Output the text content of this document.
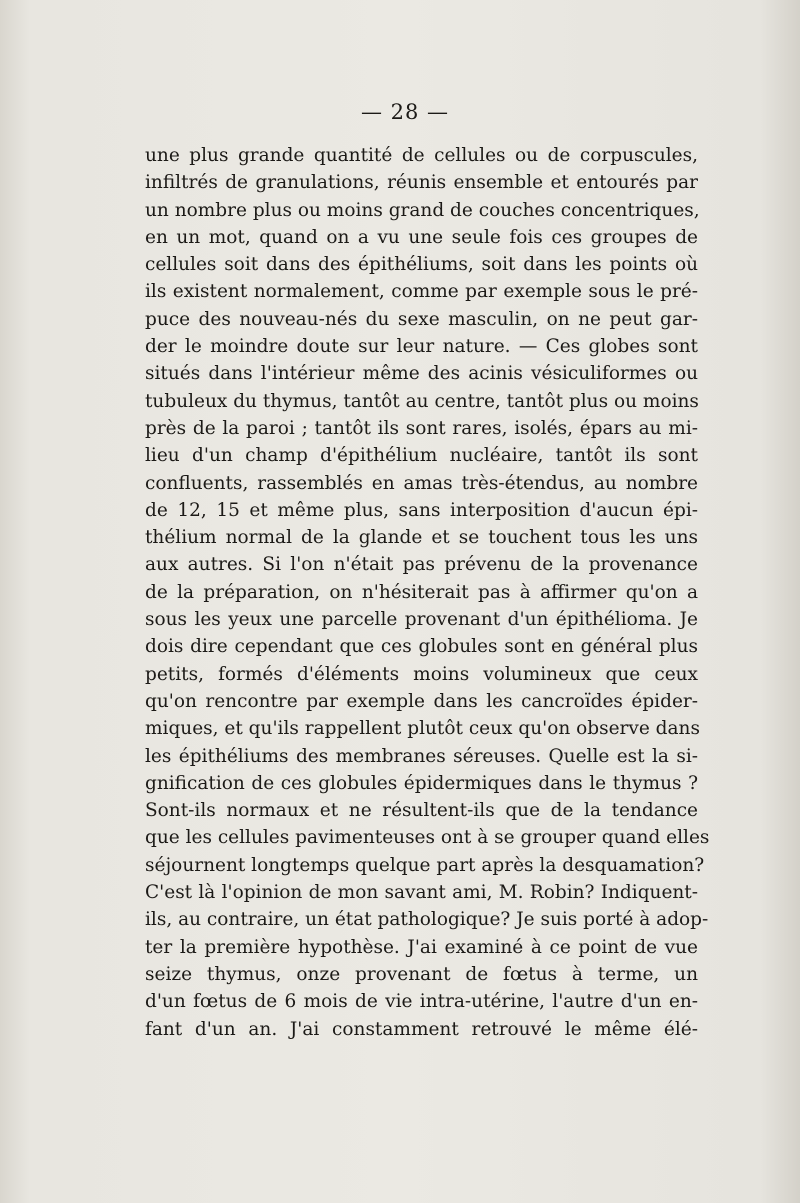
— 28 —
une plus grande quantité de cellules ou de corpuscules,
infiltrés de granulations, réunis ensemble et entourés par
un nombre plus ou moins grand de couches concentriques,
en un mot, quand on a vu une seule fois ces groupes de
cellules soit dans des épithéliums, soit dans les points où
ils existent normalement, comme par exemple sous le pré-
puce des nouveau-nés du sexe masculin, on ne peut gar-
der le moindre doute sur leur nature. — Ces globes sont
situés dans l'intérieur même des acinis vésiculiformes ou
tubuleux du thymus, tantôt au centre, tantôt plus ou moins
près de la paroi ; tantôt ils sont rares, isolés, épars au mi-
lieu d'un champ d'épithélium nucléaire, tantôt ils sont
confluents, rassemblés en amas très-étendus, au nombre
de 12, 15 et même plus, sans interposition d'aucun épi-
thélium normal de la glande et se touchent tous les uns
aux autres. Si l'on n'était pas prévenu de la provenance
de la préparation, on n'hésiterait pas à affirmer qu'on a
sous les yeux une parcelle provenant d'un épithélioma. Je
dois dire cependant que ces globules sont en général plus
petits, formés d'éléments moins volumineux que ceux
qu'on rencontre par exemple dans les cancroïdes épider-
miques, et qu'ils rappellent plutôt ceux qu'on observe dans
les épithéliums des membranes séreuses. Quelle est la si-
gnification de ces globules épidermiques dans le thymus ?
Sont-ils normaux et ne résultent-ils que de la tendance
que les cellules pavimenteuses ont à se grouper quand elles
séjournent longtemps quelque part après la desquamation?
C'est là l'opinion de mon savant ami, M. Robin? Indiquent-
ils, au contraire, un état pathologique? Je suis porté à adop-
ter la première hypothèse. J'ai examiné à ce point de vue
seize thymus, onze provenant de fœtus à terme, un
d'un fœtus de 6 mois de vie intra-utérine, l'autre d'un en-
fant d'un an. J'ai constamment retrouvé le même élé-
